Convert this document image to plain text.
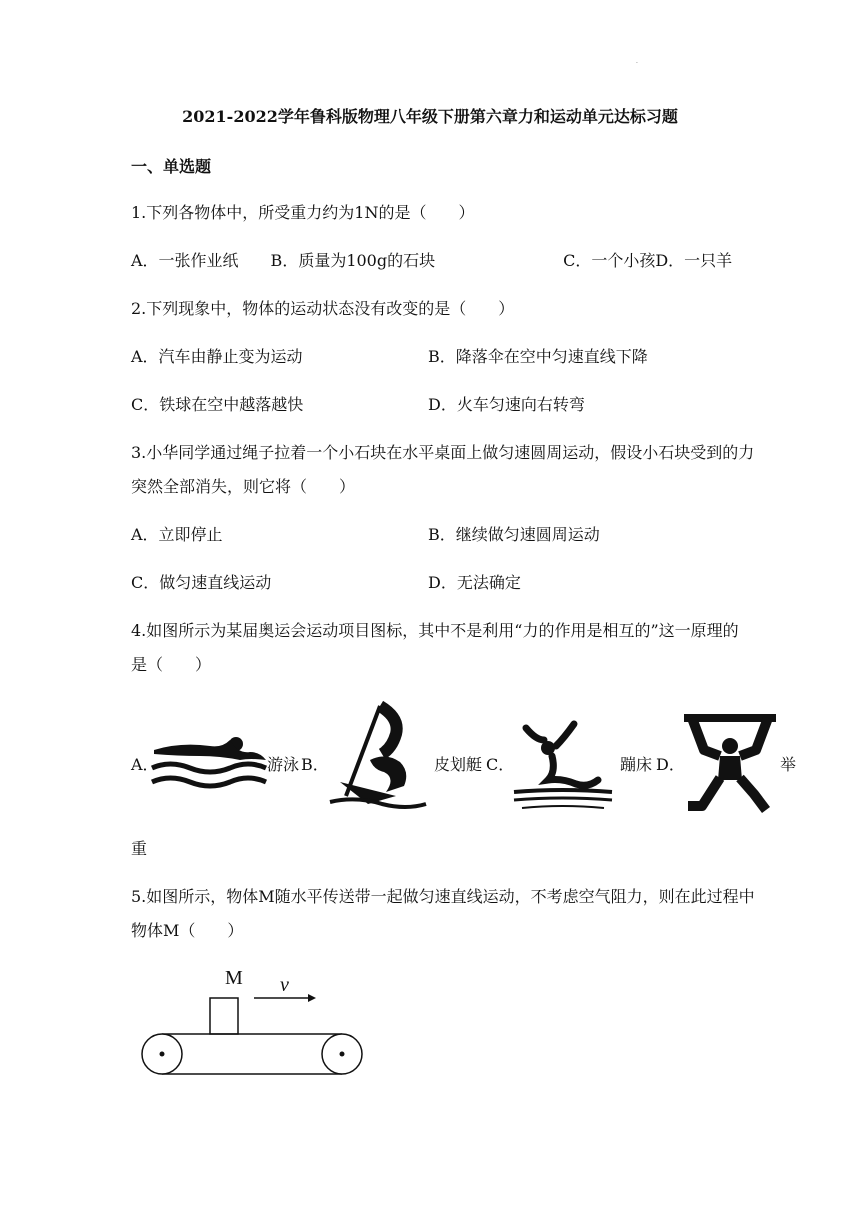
·
2021-2022学年鲁科版物理八年级下册第六章力和运动单元达标习题
一、单选题
1.下列各物体中，所受重力约为1N的是（　　）
A．一张作业纸　　B．质量为100g的石块　　　　　　　　C．一个小孩D．一只羊
2.下列现象中，物体的运动状态没有改变的是（　　）
A．汽车由静止变为运动	B．降落伞在空中匀速直线下降
C．铁球在空中越落越快	D．火车匀速向右转弯
3.小华同学通过绳子拉着一个小石块在水平桌面上做匀速圆周运动，假设小石块受到的力
突然全部消失，则它将（　　）
A．立即停止	B．继续做匀速圆周运动
C．做匀速直线运动	D．无法确定
4.如图所示为某届奥运会运动项目图标，其中不是利用“力的作用是相互的”这一原理的
是（　　）
A．	游泳 B．	皮划艇 C．	蹦床 D．	举
重
5.如图所示，物体M随水平传送带一起做匀速直线运动，不考虑空气阻力，则在此过程中
物体M（　　）
M v
